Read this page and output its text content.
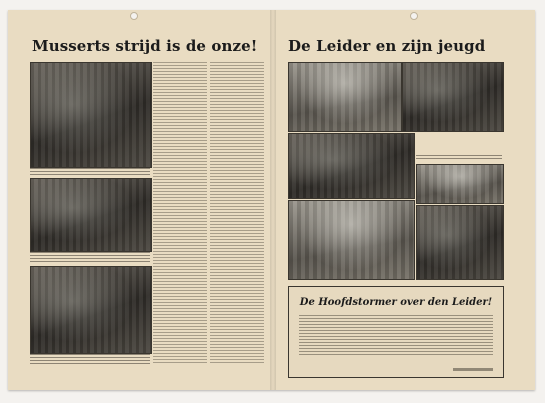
Musserts strijd is de onze! De Leider en zijn jeugd
De Hoofdstormer over den Leider!
